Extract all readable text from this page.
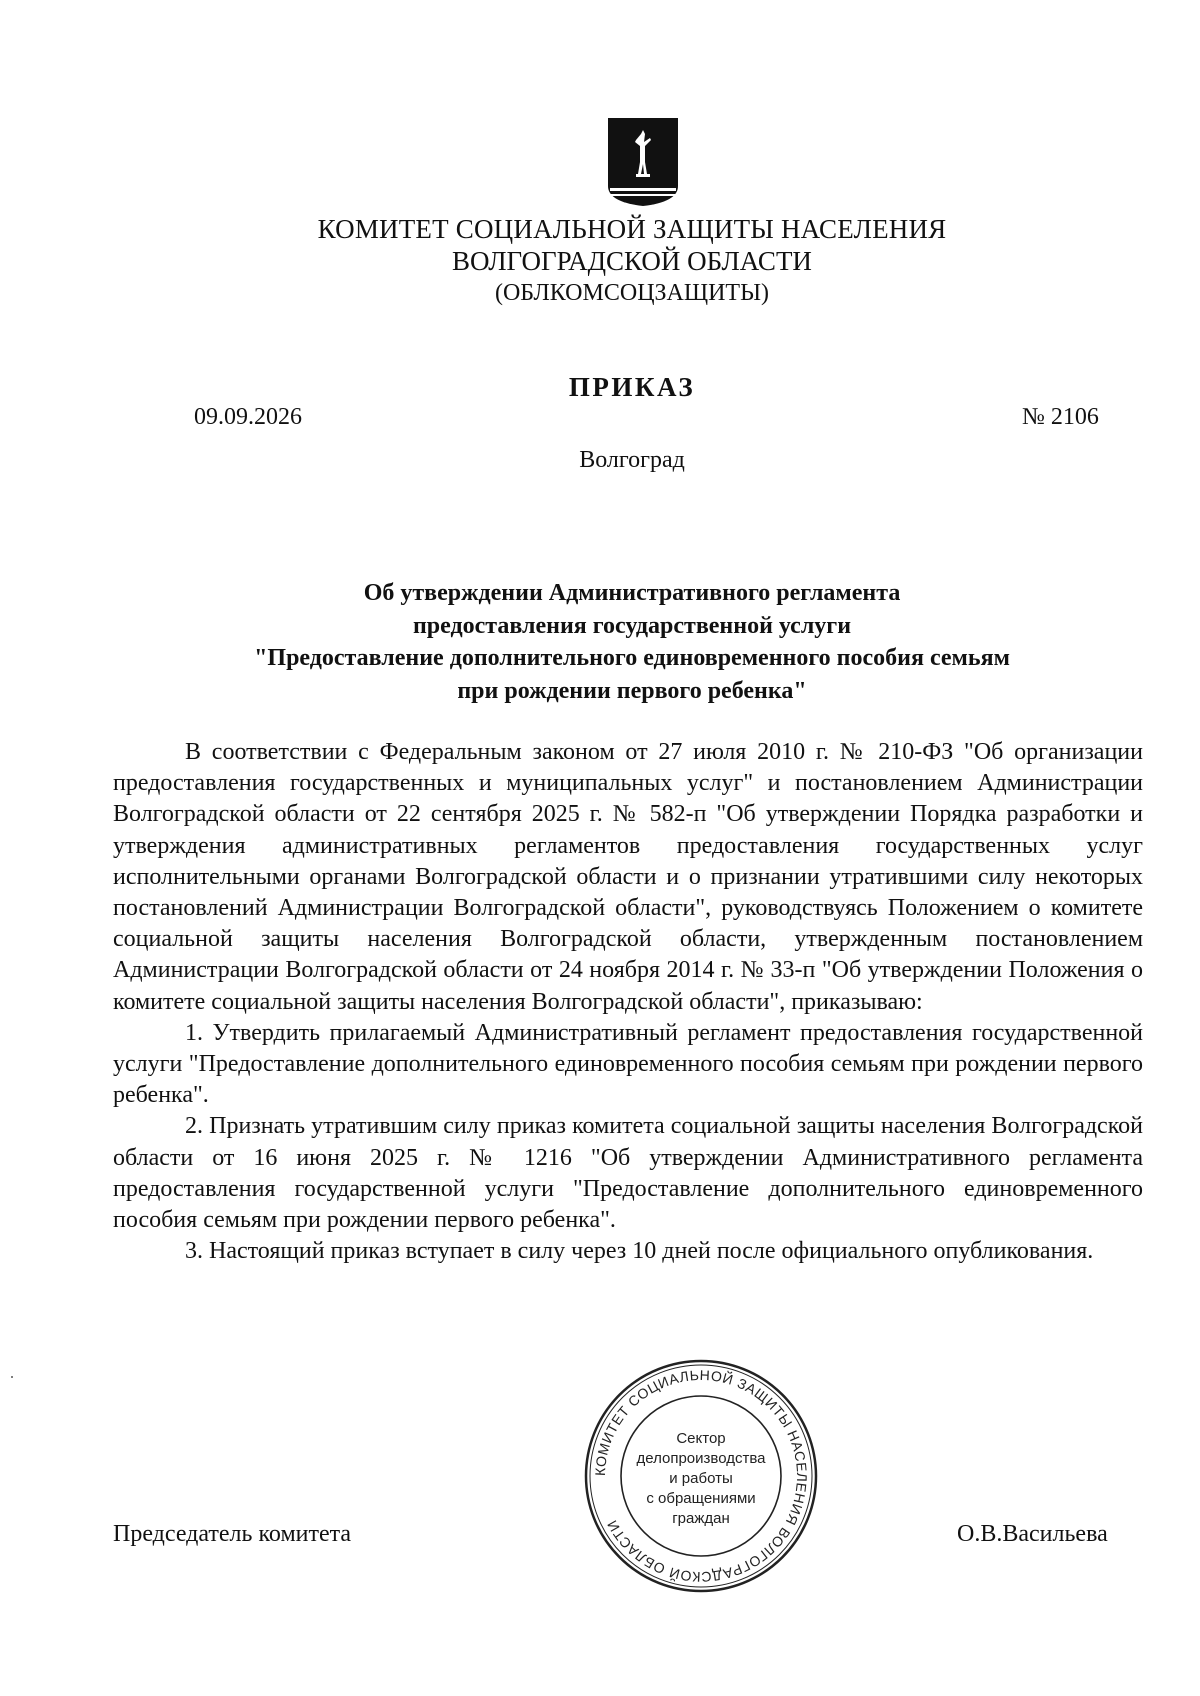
КОМИТЕТ СОЦИАЛЬНОЙ ЗАЩИТЫ НАСЕЛЕНИЯ
ВОЛГОГРАДСКОЙ ОБЛАСТИ
(ОБЛКОМСОЦЗАЩИТЫ)
ПРИКАЗ
09.09.2026	№ 2106
Волгоград
Об утверждении Административного регламента
предоставления государственной услуги
"Предоставление дополнительного единовременного пособия семьям
при рождении первого ребенка"

В соответствии с Федеральным законом от 27 июля 2010 г. № 210-ФЗ "Об организации предоставления государственных и муниципальных услуг" и постановлением Администрации Волгоградской области от 22 сентября 2025 г. № 582-п "Об утверждении Порядка разработки и утверждения административных регламентов предоставления государственных услуг исполнительными органами Волгоградской области и о признании утратившими силу некоторых постановлений Администрации Волгоградской области", руководствуясь Положением о комитете социальной защиты населения Волгоградской области, утвержденным постановлением Администрации Волгоградской области от 24 ноября 2014 г. № 33-п "Об утверждении Положения о комитете социальной защиты населения Волгоградской области", приказываю:

1. Утвердить прилагаемый Административный регламент предоставления государственной услуги "Предоставление дополнительного единовременного пособия семьям при рождении первого ребенка".

2. Признать утратившим силу приказ комитета социальной защиты населения Волгоградской области от 16 июня 2025 г. № 1216 "Об утверждении Административного регламента предоставления государственной услуги "Предоставление дополнительного единовременного пособия семьям при рождении первого ребенка".

3. Настоящий приказ вступает в силу через 10 дней после официального опубликования.

Председатель комитета	О.В.Васильева
КОМИТЕТ СОЦИАЛЬНОЙ ЗАЩИТЫ НАСЕЛЕНИЯ ВОЛГОГРАДСКОЙ ОБЛАСТИ
Сектор
делопроизводства
и работы
с обращениями
граждан
